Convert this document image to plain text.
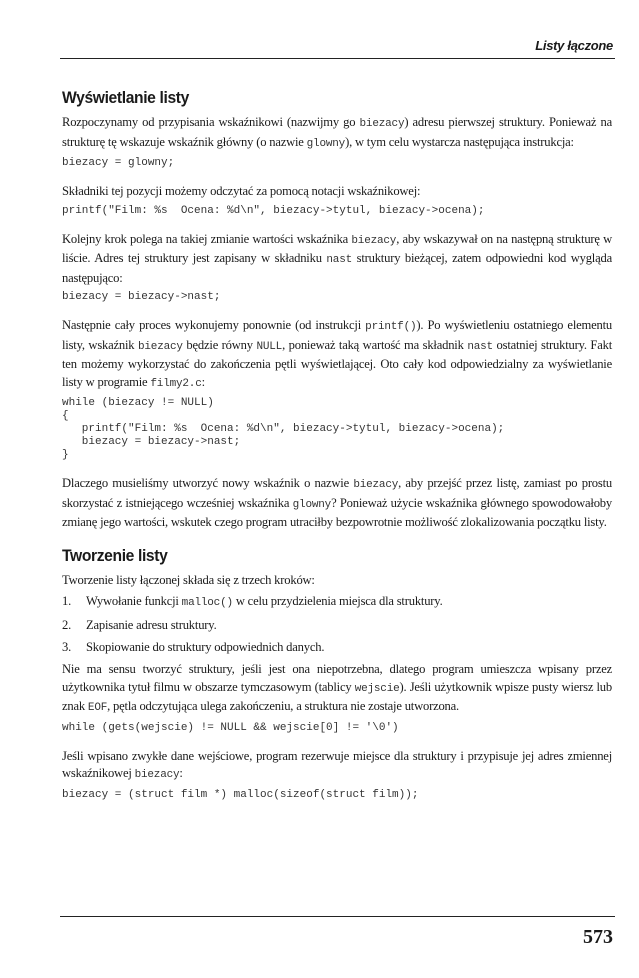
Listy łączone
Wyświetlanie listy

Rozpoczynamy od przypisania wskaźnikowi (nazwijmy go biezacy) adresu pierwszej struktury. Ponieważ na strukturę tę wskazuje wskaźnik główny (o nazwie glowny), w tym celu wystarcza następująca instrukcja:

biezacy = glowny;

Składniki tej pozycji możemy odczytać za pomocą notacji wskaźnikowej:

printf("Film: %s  Ocena: %d\n", biezacy->tytul, biezacy->ocena);

Kolejny krok polega na takiej zmianie wartości wskaźnika biezacy, aby wskazywał on na następną strukturę w liście. Adres tej struktury jest zapisany w składniku nast struktury bieżącej, zatem odpowiedni kod wygląda następująco:

biezacy = biezacy->nast;

Następnie cały proces wykonujemy ponownie (od instrukcji printf()). Po wyświetleniu ostatniego elementu listy, wskaźnik biezacy będzie równy NULL, ponieważ taką wartość ma składnik nast ostatniej struktury. Fakt ten możemy wykorzystać do zakończenia pętli wyświetlającej. Oto cały kod odpowiedzialny za wyświetlanie listy w programie filmy2.c:

while (biezacy != NULL)
{
printf("Film: %s  Ocena: %d\n", biezacy->tytul, biezacy->ocena);
biezacy = biezacy->nast;
}

Dlaczego musieliśmy utworzyć nowy wskaźnik o nazwie biezacy, aby przejść przez listę, zamiast po prostu skorzystać z istniejącego wcześniej wskaźnika glowny? Ponieważ użycie wskaźnika głównego spowodowałoby zmianę jego wartości, wskutek czego program utraciłby bezpowrotnie możliwość zlokalizowania początku listy.

Tworzenie listy

Tworzenie listy łączonej składa się z trzech kroków:

1.	Wywołanie funkcji malloc() w celu przydzielenia miejsca dla struktury.
2.	Zapisanie adresu struktury.
3.	Skopiowanie do struktury odpowiednich danych.

Nie ma sensu tworzyć struktury, jeśli jest ona niepotrzebna, dlatego program umieszcza wpisany przez użytkownika tytuł filmu w obszarze tymczasowym (tablicy wejscie). Jeśli użytkownik wpisze pusty wiersz lub znak EOF, pętla odczytująca ulega zakończeniu, a struktura nie zostaje utworzona.

while (gets(wejscie) != NULL && wejscie[0] != '\0')

Jeśli wpisano zwykłe dane wejściowe, program rezerwuje miejsce dla struktury i przypisuje jej adres zmiennej wskaźnikowej biezacy:

biezacy = (struct film *) malloc(sizeof(struct film));
573
